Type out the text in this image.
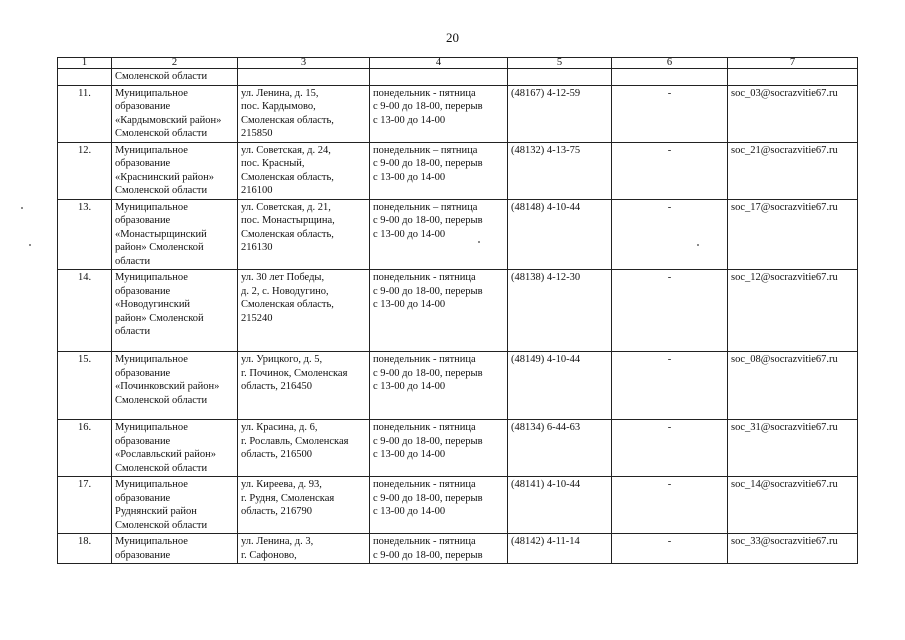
20
1	2	3	4	5	6	7

	Смоленской области					

11.	Муниципальное
образование
«Кардымовский район»
Смоленской области	ул. Ленина, д. 15,
пос. Кардымово,
Смоленская область,
215850	понедельник - пятница
с 9-00 до 18-00, перерыв
с 13-00 до 14-00	(48167) 4-12-59	-	soc_03@socrazvitie67.ru

12.	Муниципальное
образование
«Краснинский район»
Смоленской области	ул. Советская, д. 24,
пос. Красный,
Смоленская область,
216100	понедельник – пятница
с 9-00 до 18-00, перерыв
с 13-00 до 14-00	(48132) 4-13-75	-	soc_21@socrazvitie67.ru

13.	Муниципальное
образование
«Монастырщинский
район» Смоленской
области	ул. Советская, д. 21,
пос. Монастырщина,
Смоленская область,
216130	понедельник – пятница
с 9-00 до 18-00, перерыв
с 13-00 до 14-00	(48148) 4-10-44	-	soc_17@socrazvitie67.ru

14.	Муниципальное
образование
«Новодугинский
район» Смоленской
области	ул. 30 лет Победы,
д. 2, с. Новодугино,
Смоленская область,
215240	понедельник - пятница
с 9-00 до 18-00, перерыв
с 13-00 до 14-00	(48138) 4-12-30	-	soc_12@socrazvitie67.ru

15.	Муниципальное
образование
«Починковский район»
Смоленской области	ул. Урицкого, д. 5,
г. Починок, Смоленская
область, 216450	понедельник - пятница
с 9-00 до 18-00, перерыв
с 13-00 до 14-00	(48149) 4-10-44	-	soc_08@socrazvitie67.ru

16.	Муниципальное
образование
«Рославльский район»
Смоленской области	ул. Красина, д. 6,
г. Рославль, Смоленская
область, 216500	понедельник - пятница
с 9-00 до 18-00, перерыв
с 13-00 до 14-00	(48134) 6-44-63	-	soc_31@socrazvitie67.ru

17.	Муниципальное
образование
Руднянский район
Смоленской области	ул. Киреева, д. 93,
г. Рудня, Смоленская
область, 216790	понедельник - пятница
с 9-00 до 18-00, перерыв
с 13-00 до 14-00	(48141) 4-10-44	-	soc_14@socrazvitie67.ru

18.	Муниципальное
образование	ул. Ленина, д. 3,
г. Сафоново,	понедельник - пятница
с 9-00 до 18-00, перерыв	(48142) 4-11-14	-	soc_33@socrazvitie67.ru
